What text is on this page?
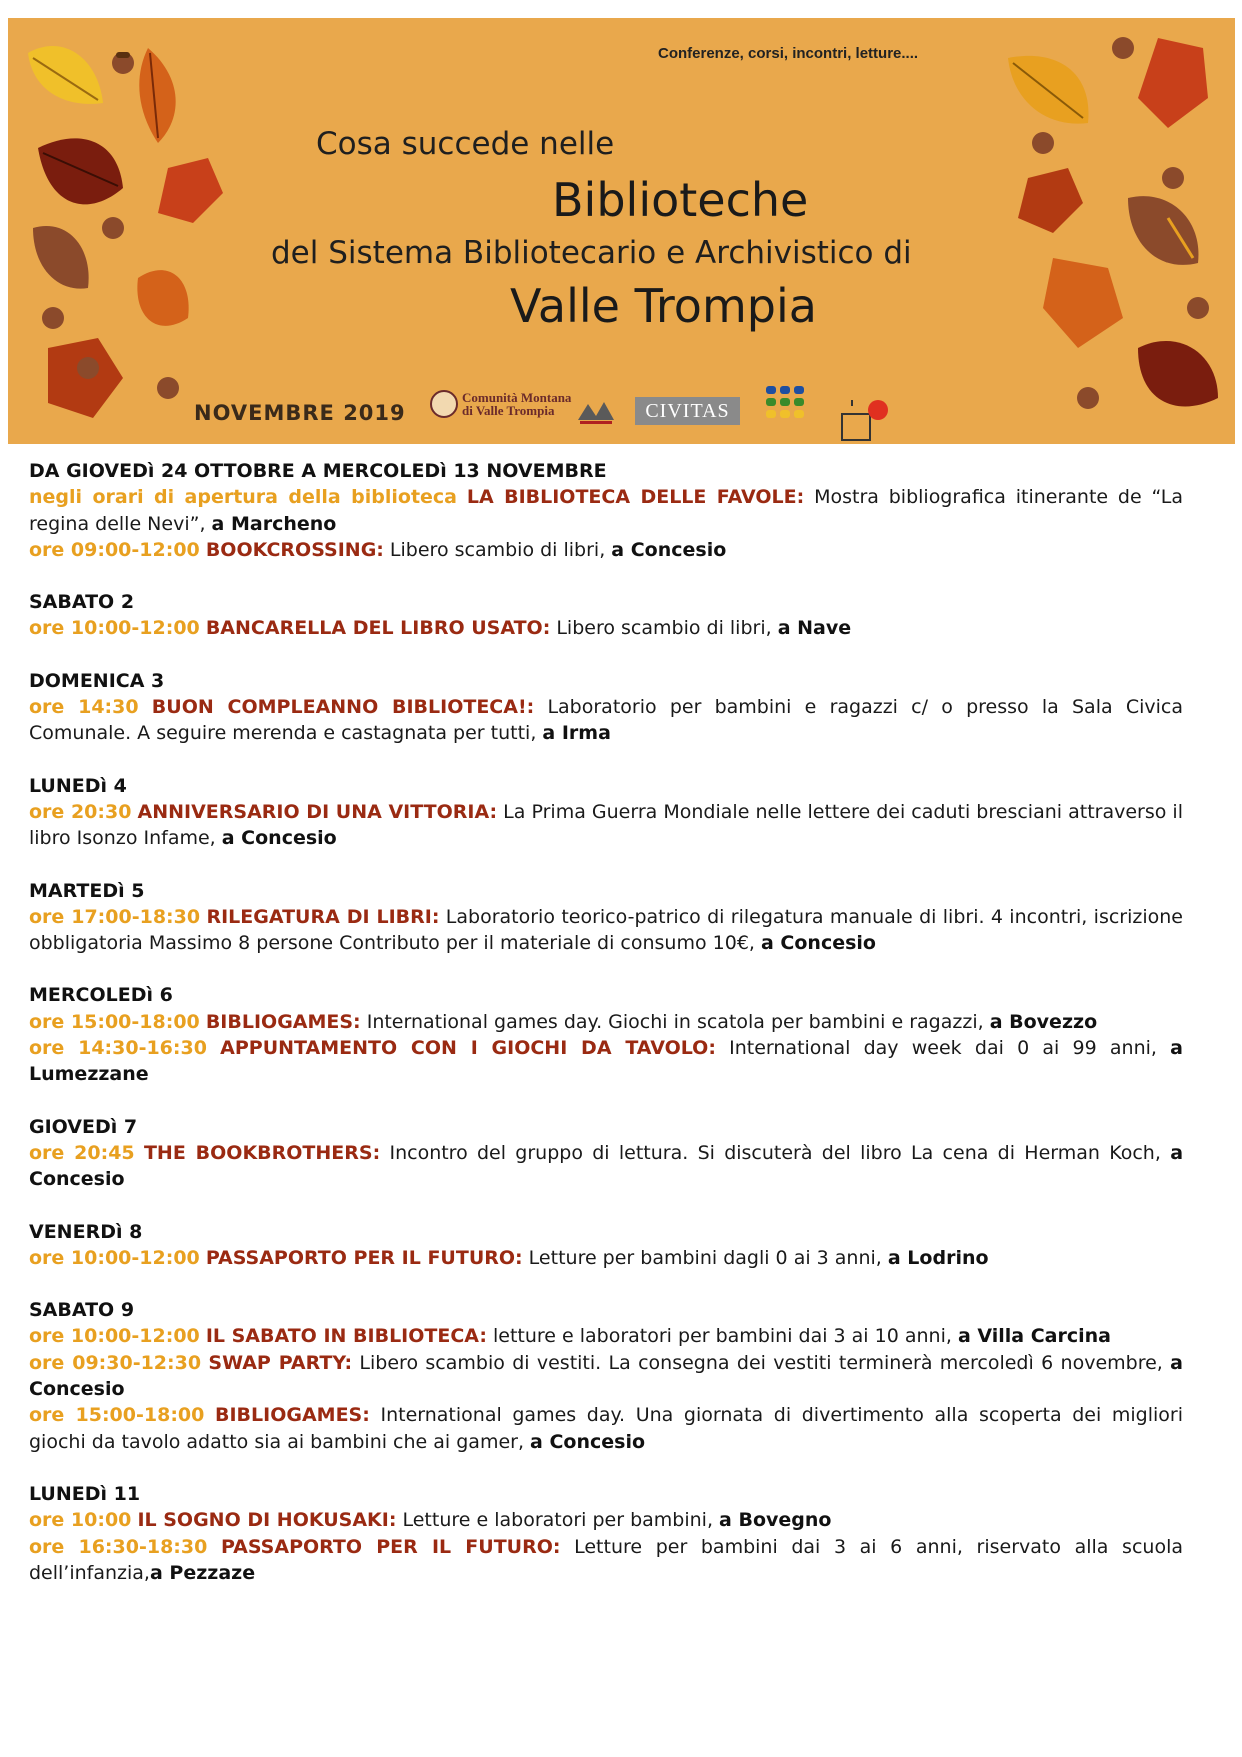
Conferenze, corsi, incontri, letture....
Cosa succede nelle
Biblioteche
del Sistema Bibliotecario e Archivistico di
Valle Trompia
NOVEMBRE 2019
Comunità Montana di Valle Trompia	CIVITAS

DA GIOVEDì 24 OTTOBRE A MERCOLEDì 13 NOVEMBRE

negli orari di apertura della biblioteca LA BIBLIOTECA DELLE FAVOLE: Mostra bibliografica itinerante de “La regina delle Nevi”, a Marcheno

ore 09:00-12:00 BOOKCROSSING: Libero scambio di libri, a Concesio

SABATO 2

ore 10:00-12:00 BANCARELLA DEL LIBRO USATO: Libero scambio di libri, a Nave

DOMENICA 3

ore 14:30 BUON COMPLEANNO BIBLIOTECA!: Laboratorio per bambini e ragazzi c/ o presso la Sala Civica Comunale. A seguire merenda e castagnata per tutti, a Irma

LUNEDì 4

ore 20:30 ANNIVERSARIO DI UNA VITTORIA: La Prima Guerra Mondiale nelle lettere dei caduti bresciani attraverso il libro Isonzo Infame, a Concesio

MARTEDì 5

ore 17:00-18:30 RILEGATURA DI LIBRI: Laboratorio teorico-patrico di rilegatura manuale di libri. 4 incontri, iscrizione obbligatoria Massimo 8 persone Contributo per il materiale di consumo 10€, a Concesio

MERCOLEDì 6

ore 15:00-18:00 BIBLIOGAMES: International games day. Giochi in scatola per bambini e ragazzi, a Bovezzo

ore 14:30-16:30 APPUNTAMENTO CON I GIOCHI DA TAVOLO: International day week dai 0 ai 99 anni, a Lumezzane

GIOVEDì 7

ore 20:45 THE BOOKBROTHERS: Incontro del gruppo di lettura. Si discuterà del libro La cena di Herman Koch, a Concesio

VENERDì 8

ore 10:00-12:00 PASSAPORTO PER IL FUTURO: Letture per bambini dagli 0 ai 3 anni, a Lodrino

SABATO 9

ore 10:00-12:00 IL SABATO IN BIBLIOTECA: letture e laboratori per bambini dai 3 ai 10 anni, a Villa Carcina

ore 09:30-12:30 SWAP PARTY: Libero scambio di vestiti. La consegna dei vestiti terminerà mercoledì 6 novembre, a Concesio

ore 15:00-18:00 BIBLIOGAMES: International games day. Una giornata di divertimento alla scoperta dei migliori giochi da tavolo adatto sia ai bambini che ai gamer, a Concesio

LUNEDì 11

ore 10:00 IL SOGNO DI HOKUSAKI: Letture e laboratori per bambini, a Bovegno

ore 16:30-18:30 PASSAPORTO PER IL FUTURO: Letture per bambini dai 3 ai 6 anni, riservato alla scuola dell’infanzia,a Pezzaze
